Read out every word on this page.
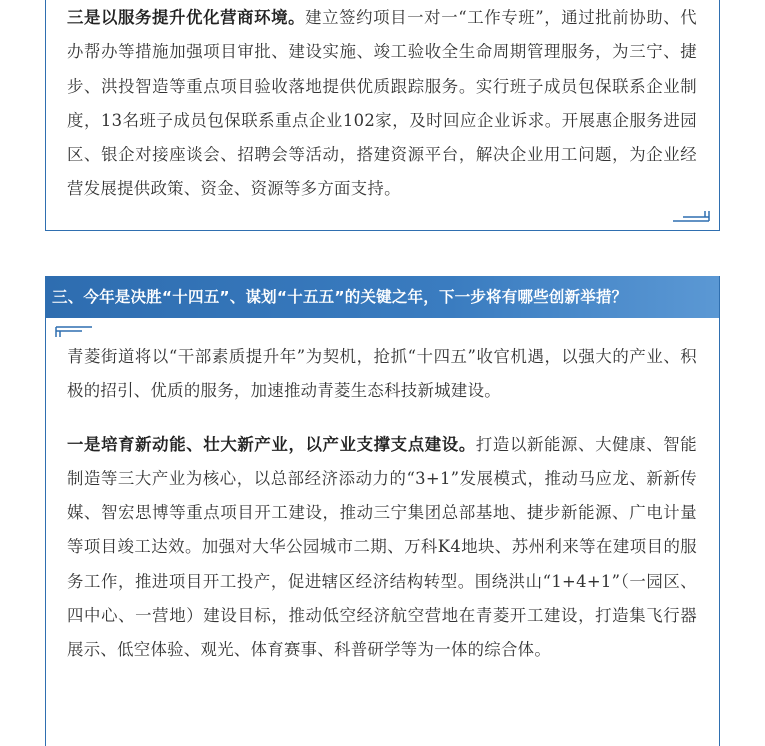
三是以服务提升优化营商环境。建立签约项目一对一“工作专班”，通过批前协助、代办帮办等措施加强项目审批、建设实施、竣工验收全生命周期管理服务，为三宁、捷步、洪投智造等重点项目验收落地提供优质跟踪服务。实行班子成员包保联系企业制度，13名班子成员包保联系重点企业102家，及时回应企业诉求。开展惠企服务进园区、银企对接座谈会、招聘会等活动，搭建资源平台，解决企业用工问题，为企业经营发展提供政策、资金、资源等多方面支持。

三、今年是决胜“十四五”、谋划“十五五”的关键之年，下一步将有哪些创新举措？

青菱街道将以“干部素质提升年”为契机，抢抓“十四五”收官机遇，以强大的产业、积极的招引、优质的服务，加速推动青菱生态科技新城建设。

一是培育新动能、壮大新产业，以产业支撑支点建设。打造以新能源、大健康、智能制造等三大产业为核心，以总部经济添动力的“3+1”发展模式，推动马应龙、新新传媒、智宏思博等重点项目开工建设，推动三宁集团总部基地、捷步新能源、广电计量等项目竣工达效。加强对大华公园城市二期、万科K4地块、苏州利来等在建项目的服务工作，推进项目开工投产，促进辖区经济结构转型。围绕洪山“1+4+1”（一园区、四中心、一营地）建设目标，推动低空经济航空营地在青菱开工建设，打造集飞行器展示、低空体验、观光、体育赛事、科普研学等为一体的综合体。
